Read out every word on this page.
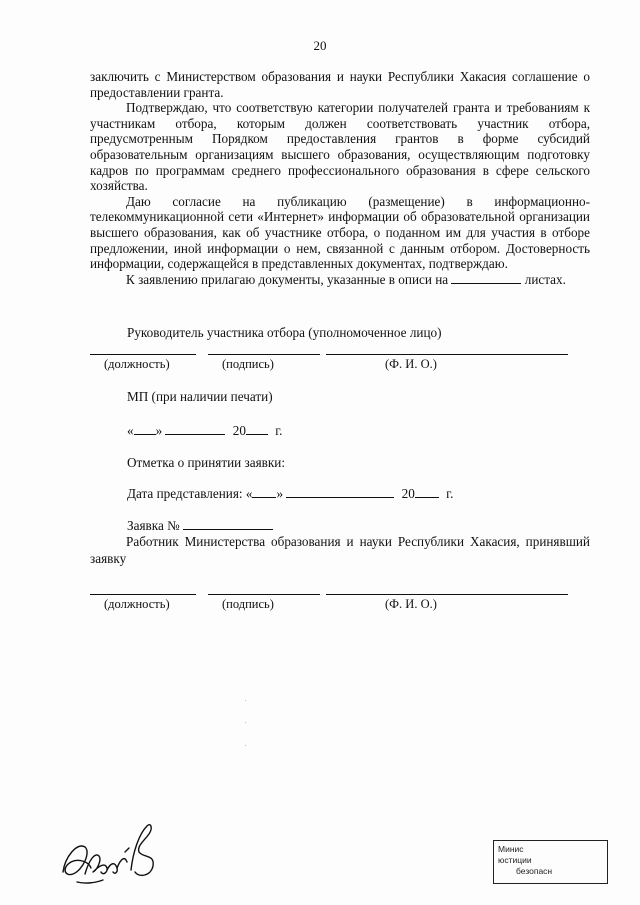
20

заключить с Министерством образования и науки Республики Хакасия соглашение о предоставлении гранта.

Подтверждаю, что соответствую категории получателей гранта и требованиям к участникам отбора, которым должен соответствовать участник отбора, предусмотренным Порядком предоставления грантов в форме субсидий образовательным организациям высшего образования, осуществляющим подготовку кадров по программам среднего профессионального образования в сфере сельского хозяйства.

Даю согласие на публикацию (размещение) в информационно-телекоммуникационной сети «Интернет» информации об образовательной организации высшего образования, как об участнике отбора, о поданном им для участия в отборе предложении, иной информации о нем, связанной с данным отбором. Достоверность информации, содержащейся в представленных документах, подтверждаю.

К заявлению прилагаю документы, указанные в описи на	листах.

Руководитель участника отбора (уполномоченное лицо)
(должность)	(подпись)	(Ф. И. О.)
МП (при наличии печати)
« »	20 г.
Отметка о принятии заявки:
Дата представления: « »	20 г.
Заявка №
Работник Министерства образования и науки Республики Хакасия, принявший заявку
(должность)	(подпись)	(Ф. И. О.)
Минис
юстиции
безопасн
